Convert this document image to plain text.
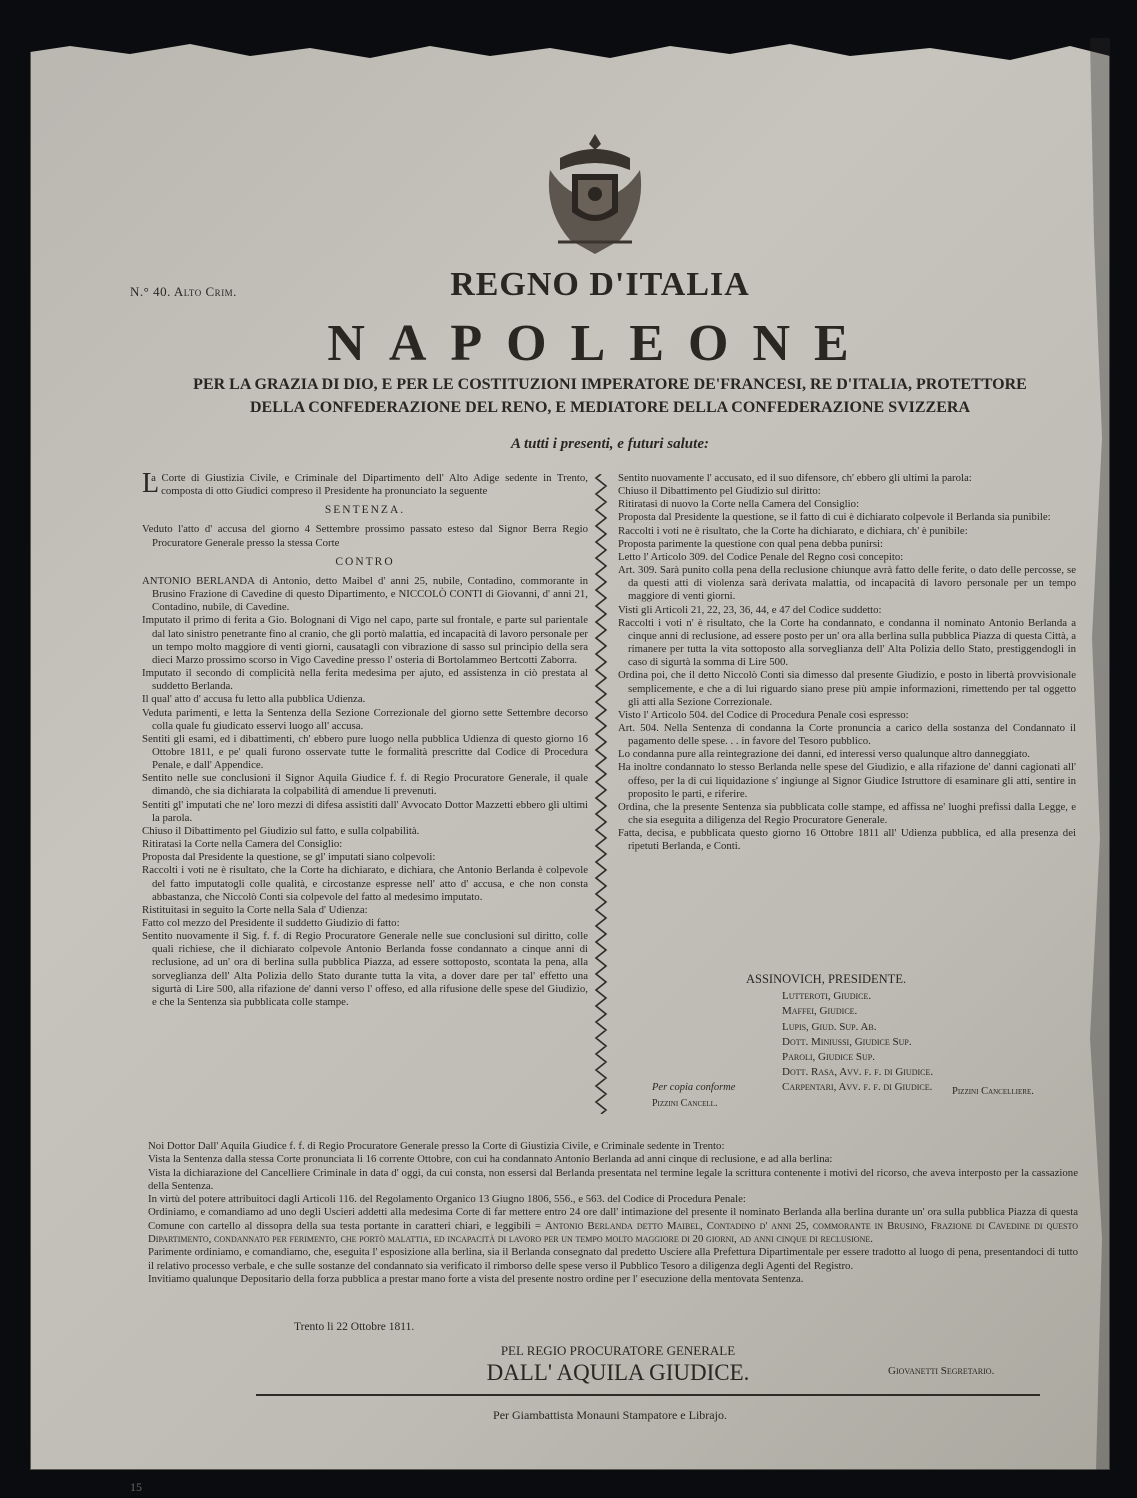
N.° 40. Alto Crim.	REGNO D'ITALIA
NAPOLEONE
PER LA GRAZIA DI DIO, E PER LE COSTITUZIONI IMPERATORE DE'FRANCESI, RE D'ITALIA, PROTETTORE
DELLA CONFEDERAZIONE DEL RENO, E MEDIATORE DELLA CONFEDERAZIONE SVIZZERA
A tutti i presenti, e futuri salute:

L
a Corte di Giustizia Civile, e Criminale del Dipartimento dell' Alto Adige sedente in Trento, composta di otto Giudici compreso il Presidente ha pronunciato la seguente

SENTENZA.

Veduto l'atto d' accusa del giorno 4 Settembre prossimo passato esteso dal Signor Berra Regio Procuratore Generale presso la stessa Corte

CONTRO

ANTONIO BERLANDA di Antonio, detto Maibel d' anni 25, nubile, Contadino, commorante in Brusino Frazione di Cavedine di questo Dipartimento, e NICCOLÒ CONTI di Giovanni, d' anni 21, Contadino, nubile, di Cavedine.

Imputato il primo di ferita a Gio. Bolognani di Vigo nel capo, parte sul frontale, e parte sul parientale dal lato sinistro penetrante fino al cranio, che gli portò malattia, ed incapacità di lavoro personale per un tempo molto maggiore di venti giorni, causatagli con vibrazione di sasso sul principio della sera dieci Marzo prossimo scorso in Vigo Cavedine presso l' osteria di Bortolammeo Bertcotti Zaborra.

Imputato il secondo di complicità nella ferita medesima per ajuto, ed assistenza in ciò prestata al suddetto Berlanda.

Il qual' atto d' accusa fu letto alla pubblica Udienza.

Veduta parimenti, e letta la Sentenza della Sezione Correzionale del giorno sette Settembre decorso colla quale fu giudicato esservi luogo all' accusa.

Sentiti gli esami, ed i dibattimenti, ch' ebbero pure luogo nella pubblica Udienza di questo giorno 16 Ottobre 1811, e pe' quali furono osservate tutte le formalità prescritte dal Codice di Procedura Penale, e dall' Appendice.

Sentito nelle sue conclusioni il Signor Aquila Giudice f. f. di Regio Procuratore Generale, il quale dimandò, che sia dichiarata la colpabilità di amendue li prevenuti.

Sentiti gl' imputati che ne' loro mezzi di difesa assistiti dall' Avvocato Dottor Mazzetti ebbero gli ultimi la parola.

Chiuso il Dibattimento pel Giudizio sul fatto, e sulla colpabilità.

Ritiratasi la Corte nella Camera del Consiglio:

Proposta dal Presidente la questione, se gl' imputati siano colpevoli:

Raccolti i voti ne è risultato, che la Corte ha dichiarato, e dichiara, che Antonio Berlanda è colpevole del fatto imputatogli colle qualità, e circostanze espresse nell' atto d' accusa, e che non consta abbastanza, che Niccolò Conti sia colpevole del fatto al medesimo imputato.

Ristituitasi in seguito la Corte nella Sala d' Udienza:

Fatto col mezzo del Presidente il suddetto Giudizio di fatto:

Sentito nuovamente il Sig. f. f. di Regio Procuratore Generale nelle sue conclusioni sul diritto, colle quali richiese, che il dichiarato colpevole Antonio Berlanda fosse condannato a cinque anni di reclusione, ad un' ora di berlina sulla pubblica Piazza, ad essere sottoposto, scontata la pena, alla sorveglianza dell' Alta Polizia dello Stato durante tutta la vita, a dover dare per tal' effetto una sigurtà di Lire 500, alla rifazione de' danni verso l' offeso, ed alla rifusione delle spese del Giudizio, e che la Sentenza sia pubblicata colle stampe.

Sentito nuovamente l' accusato, ed il suo difensore, ch' ebbero gli ultimi la parola:

Chiuso il Dibattimento pel Giudizio sul diritto:

Ritiratasi di nuovo la Corte nella Camera del Consiglio:

Proposta dal Presidente la questione, se il fatto di cui è dichiarato colpevole il Berlanda sia punibile:

Raccolti i voti ne è risultato, che la Corte ha dichiarato, e dichiara, ch' è punibile:

Proposta parimente la questione con qual pena debba punirsi:

Letto l' Articolo 309. del Codice Penale del Regno così concepito:

Art. 309. Sarà punito colla pena della reclusione chiunque avrà fatto delle ferite, o dato delle percosse, se da questi atti di violenza sarà derivata malattia, od incapacità di lavoro personale per un tempo maggiore di venti giorni.

Visti gli Articoli 21, 22, 23, 36, 44, e 47 del Codice suddetto:

Raccolti i voti n' è risultato, che la Corte ha condannato, e condanna il nominato Antonio Berlanda a cinque anni di reclusione, ad essere posto per un' ora alla berlina sulla pubblica Piazza di questa Città, a rimanere per tutta la vita sottoposto alla sorveglianza dell' Alta Polizia dello Stato, prestiggendogli in caso di sigurtà la somma di Lire 500.

Ordina poi, che il detto Niccolò Conti sia dimesso dal presente Giudizio, e posto in libertà provvisionale semplicemente, e che a di lui riguardo siano prese più ampie informazioni, rimettendo per tal oggetto gli atti alla Sezione Correzionale.

Visto l' Articolo 504. del Codice di Procedura Penale così espresso:

Art. 504. Nella Sentenza di condanna la Corte pronuncia a carico della sostanza del Condannato il pagamento delle spese. . . in favore del Tesoro pubblico.

Lo condanna pure alla reintegrazione dei danni, ed interessi verso qualunque altro danneggiato.

Ha inoltre condannato lo stesso Berlanda nelle spese del Giudizio, e alla rifazione de' danni cagionati all' offeso, per la di cui liquidazione s' ingiunge al Signor Giudice Istruttore di esaminare gli atti, sentire in proposito le parti, e riferire.

Ordina, che la presente Sentenza sia pubblicata colle stampe, ed affissa ne' luoghi prefissi dalla Legge, e che sia eseguita a diligenza del Regio Procuratore Generale.

Fatta, decisa, e pubblicata questo giorno 16 Ottobre 1811 all' Udienza pubblica, ed alla presenza dei ripetuti Berlanda, e Conti.

ASSINOVICH, PRESIDENTE.
Lutteroti, Giudice.
Maffei, Giudice.
Lupis, Giud. Sup. Ab.
Dott. Miniussi, Giudice Sup.
Paroli, Giudice Sup.
Dott. Rasa, Avv. f. f. di Giudice.
Carpentari, Avv. f. f. di Giudice.
Per copia conforme
Pizzini Cancell.
Pizzini Cancelliere.

Noi Dottor Dall' Aquila Giudice f. f. di Regio Procuratore Generale presso la Corte di Giustizia Civile, e Criminale sedente in Trento:

Vista la Sentenza dalla stessa Corte pronunciata li 16 corrente Ottobre, con cui ha condannato Antonio Berlanda ad anni cinque di reclusione, e ad alla berlina:

Vista la dichiarazione del Cancelliere Criminale in data d' oggi, da cui consta, non essersi dal Berlanda presentata nel termine legale la scrittura contenente i motivi del ricorso, che aveva interposto per la cassazione della Sentenza.

In virtù del potere attribuitoci dagli Articoli 116. del Regolamento Organico 13 Giugno 1806, 556., e 563. del Codice di Procedura Penale:

Ordiniamo, e comandiamo ad uno degli Uscieri addetti alla medesima Corte di far mettere entro 24 ore dall' intimazione del presente il nominato Berlanda alla berlina durante un' ora sulla pubblica Piazza di questa Comune con cartello al dissopra della sua testa portante in caratteri chiari, e leggibili = Antonio Berlanda detto Maibel, Contadino d' anni 25, commorante in Brusino, Frazione di Cavedine di questo Dipartimento, condannato per ferimento, che portò malattia, ed incapacità di lavoro per un tempo molto maggiore di 20 giorni, ad anni cinque di reclusione.

Parimente ordiniamo, e comandiamo, che, eseguita l' esposizione alla berlina, sia il Berlanda consegnato dal predetto Usciere alla Prefettura Dipartimentale per essere tradotto al luogo di pena, presentandoci di tutto il relativo processo verbale, e che sulle sostanze del condannato sia verificato il rimborso delle spese verso il Pubblico Tesoro a diligenza degli Agenti del Registro.

Invitiamo qualunque Depositario della forza pubblica a prestar mano forte a vista del presente nostro ordine per l' esecuzione della mentovata Sentenza.

Trento li 22 Ottobre 1811.
PEL REGIO PROCURATORE GENERALE
DALL' AQUILA GIUDICE.	Giovanetti Segretario.
Per Giambattista Monauni Stampatore e Librajo.
15
